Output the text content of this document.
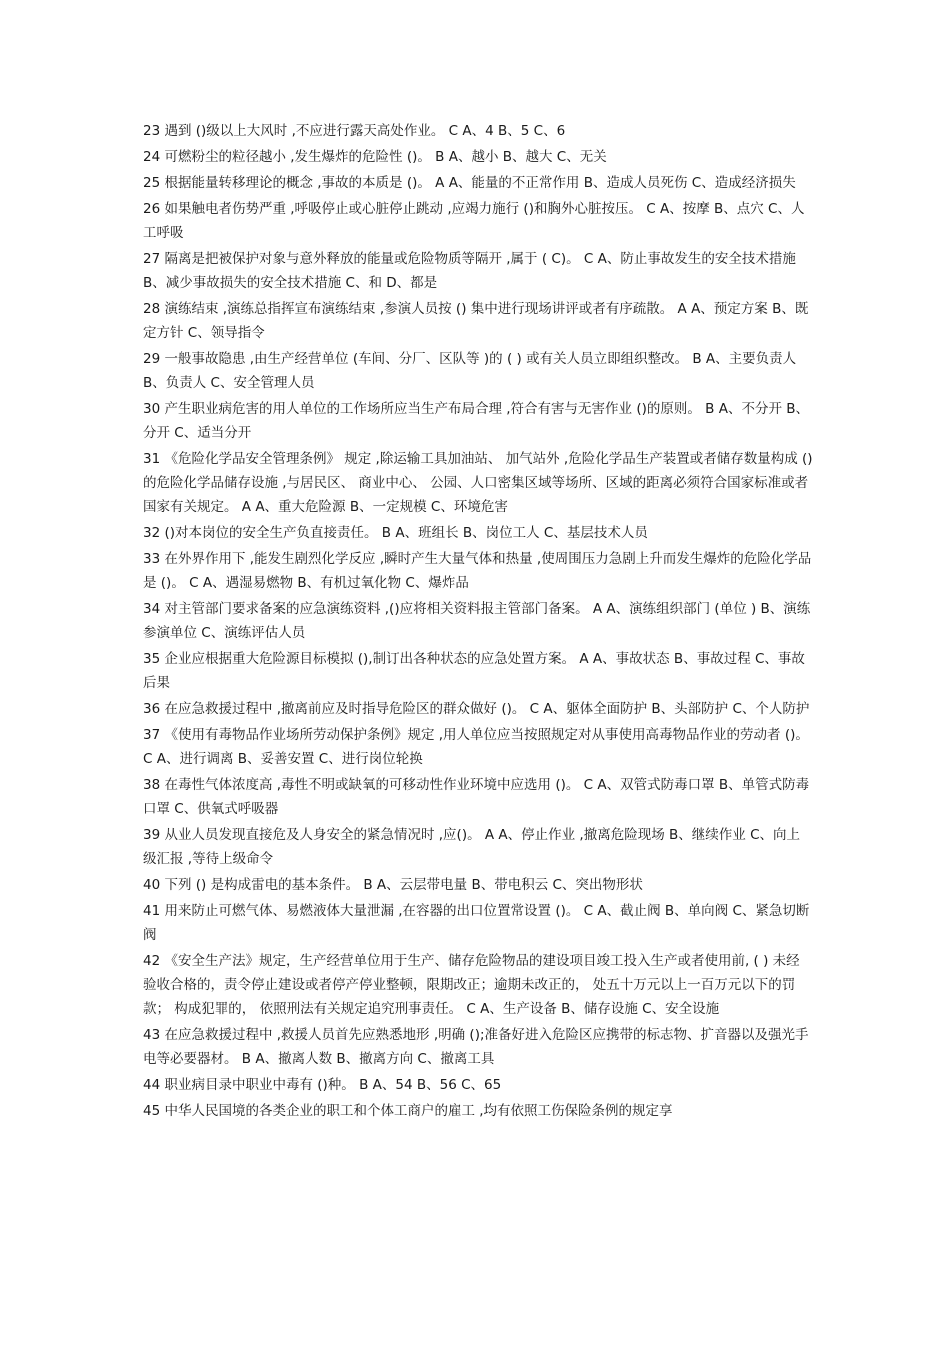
23 遇到 ()级以上大风时 ,不应进行露天高处作业。 C A、4 B、5 C、6

24 可燃粉尘的粒径越小 ,发生爆炸的危险性 ()。 B A、越小 B、越大 C、无关

25 根据能量转移理论的概念 ,事故的本质是 ()。 A A、能量的不正常作用 B、造成人员死伤 C、造成经济损失

26 如果触电者伤势严重 ,呼吸停止或心脏停止跳动 ,应竭力施行 ()和胸外心脏按压。 C A、按摩 B、点穴 C、人工呼吸

27 隔离是把被保护对象与意外释放的能量或危险物质等隔开 ,属于 ( C)。 C A、防止事故发生的安全技术措施 B、减少事故损失的安全技术措施 C、和 D、都是

28 演练结束 ,演练总指挥宣布演练结束 ,参演人员按 () 集中进行现场讲评或者有序疏散。 A A、预定方案 B、既定方针 C、领导指令

29 一般事故隐患 ,由生产经营单位 (车间、分厂、区队等 )的 ( ) 或有关人员立即组织整改。 B A、主要负责人 B、负责人 C、安全管理人员

30 产生职业病危害的用人单位的工作场所应当生产布局合理 ,符合有害与无害作业 ()的原则。 B A、不分开 B、分开 C、适当分开

31 《危险化学品安全管理条例》 规定 ,除运输工具加油站、 加气站外 ,危险化学品生产装置或者储存数量构成 ()的危险化学品储存设施 ,与居民区、 商业中心、 公园、人口密集区域等场所、区域的距离必须符合国家标准或者国家有关规定。 A A、重大危险源 B、一定规模 C、环境危害

32 ()对本岗位的安全生产负直接责任。 B A、班组长 B、岗位工人 C、基层技术人员

33 在外界作用下 ,能发生剧烈化学反应 ,瞬时产生大量气体和热量 ,使周围压力急剧上升而发生爆炸的危险化学品是 ()。 C A、遇湿易燃物 B、有机过氧化物 C、爆炸品

34 对主管部门要求备案的应急演练资料 ,()应将相关资料报主管部门备案。 A A、演练组织部门 (单位 ) B、演练参演单位 C、演练评估人员

35 企业应根据重大危险源目标模拟 (),制订出各种状态的应急处置方案。 A A、事故状态 B、事故过程 C、事故后果

36 在应急救援过程中 ,撤离前应及时指导危险区的群众做好 ()。 C A、躯体全面防护 B、头部防护 C、个人防护

37 《使用有毒物品作业场所劳动保护条例》规定 ,用人单位应当按照规定对从事使用高毒物品作业的劳动者 ()。 C A、进行调离 B、妥善安置 C、进行岗位轮换

38 在毒性气体浓度高 ,毒性不明或缺氧的可移动性作业环境中应选用 ()。 C A、双管式防毒口罩 B、单管式防毒口罩 C、供氧式呼吸器

39 从业人员发现直接危及人身安全的紧急情况时 ,应()。 A A、停止作业 ,撤离危险现场 B、继续作业 C、向上级汇报 ,等待上级命令

40 下列 () 是构成雷电的基本条件。 B A、云层带电量 B、带电积云 C、突出物形状

41 用来防止可燃气体、易燃液体大量泄漏 ,在容器的出口位置常设置 ()。 C A、截止阀 B、单向阀 C、紧急切断阀

42 《安全生产法》规定，生产经营单位用于生产、储存危险物品的建设项目竣工投入生产或者使用前, ( ) 未经验收合格的，责令停止建设或者停产停业整顿，限期改正；逾期未改正的， 处五十万元以上一百万元以下的罚款； 构成犯罪的， 依照刑法有关规定追究刑事责任。 C A、生产设备 B、储存设施 C、安全设施

43 在应急救援过程中 ,救援人员首先应熟悉地形 ,明确 ();准备好进入危险区应携带的标志物、扩音器以及强光手电等必要器材。 B A、撤离人数 B、撤离方向 C、撤离工具

44 职业病目录中职业中毒有 ()种。 B A、54 B、56 C、65

45 中华人民国境的各类企业的职工和个体工商户的雇工 ,均有依照工伤保险条例的规定享
